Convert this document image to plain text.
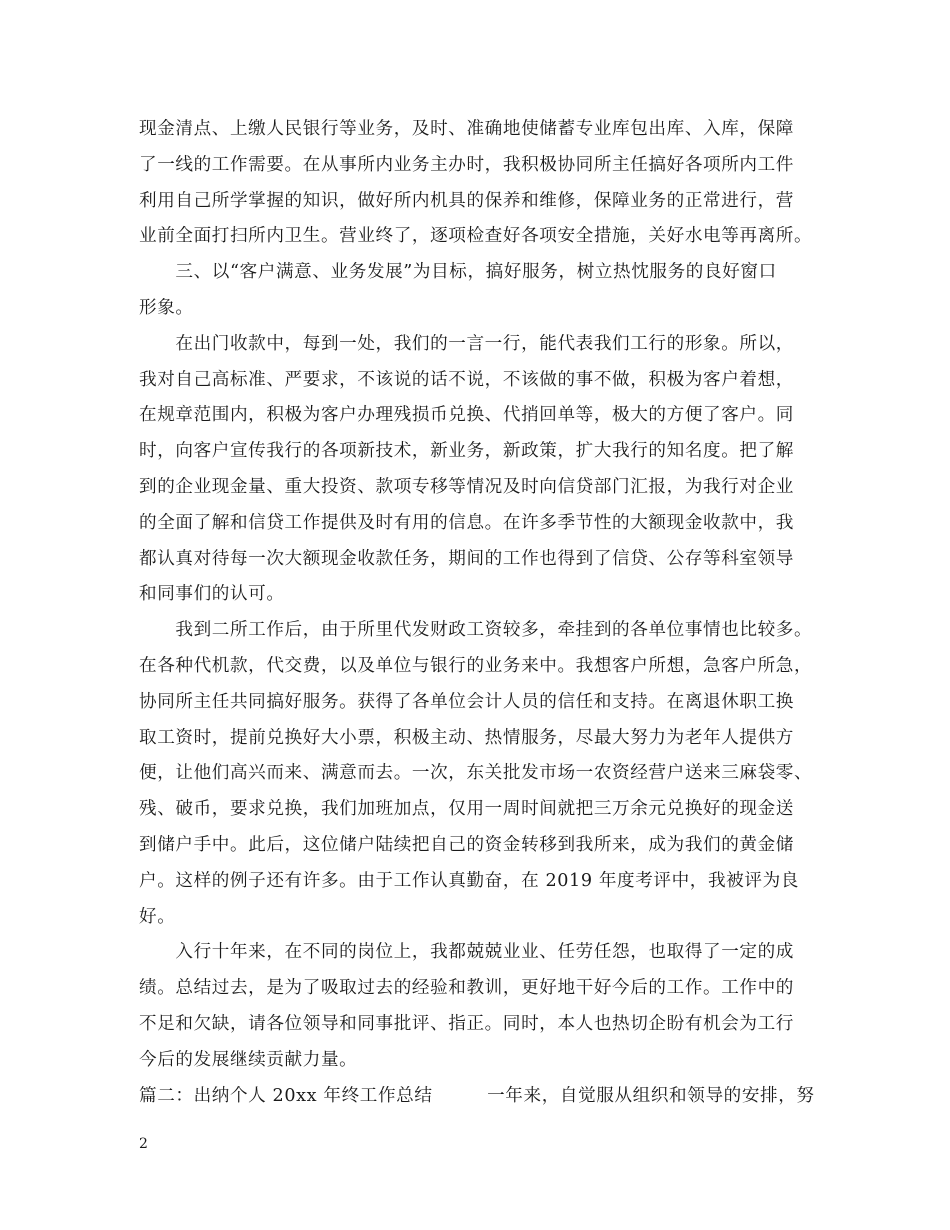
现金清点、上缴人民银行等业务，及时、准确地使储蓄专业库包出库、入库，保障
了一线的工作需要。在从事所内业务主办时，我积极协同所主任搞好各项所内工件
利用自己所学掌握的知识，做好所内机具的保养和维修，保障业务的正常进行，营
业前全面打扫所内卫生。营业终了，逐项检查好各项安全措施，关好水电等再离所。
　　三、以“客户满意、业务发展”为目标，搞好服务，树立热忱服务的良好窗口
形象。
　　在出门收款中，每到一处，我们的一言一行，能代表我们工行的形象。所以，
我对自己高标准、严要求，不该说的话不说，不该做的事不做，积极为客户着想，
在规章范围内，积极为客户办理残损币兑换、代捎回单等，极大的方便了客户。同
时，向客户宣传我行的各项新技术，新业务，新政策，扩大我行的知名度。把了解
到的企业现金量、重大投资、款项专移等情况及时向信贷部门汇报，为我行对企业
的全面了解和信贷工作提供及时有用的信息。在许多季节性的大额现金收款中，我
都认真对待每一次大额现金收款任务，期间的工作也得到了信贷、公存等科室领导
和同事们的认可。
　　我到二所工作后，由于所里代发财政工资较多，牵挂到的各单位事情也比较多。
在各种代机款，代交费，以及单位与银行的业务来中。我想客户所想，急客户所急，
协同所主任共同搞好服务。获得了各单位会计人员的信任和支持。在离退休职工换
取工资时，提前兑换好大小票，积极主动、热情服务，尽最大努力为老年人提供方
便，让他们高兴而来、满意而去。一次，东关批发市场一农资经营户送来三麻袋零、
残、破币，要求兑换，我们加班加点，仅用一周时间就把三万余元兑换好的现金送
到储户手中。此后，这位储户陆续把自己的资金转移到我所来，成为我们的黄金储
户。这样的例子还有许多。由于工作认真勤奋，在 2019 年度考评中，我被评为良
好。
　　入行十年来，在不同的岗位上，我都兢兢业业、任劳任怨，也取得了一定的成
绩。总结过去，是为了吸取过去的经验和教训，更好地干好今后的工作。工作中的
不足和欠缺，请各位领导和同事批评、指正。同时，本人也热切企盼有机会为工行
今后的发展继续贡献力量。
篇二：出纳个人 20xx 年终工作总结　　　一年来，自觉服从组织和领导的安排，努
2
